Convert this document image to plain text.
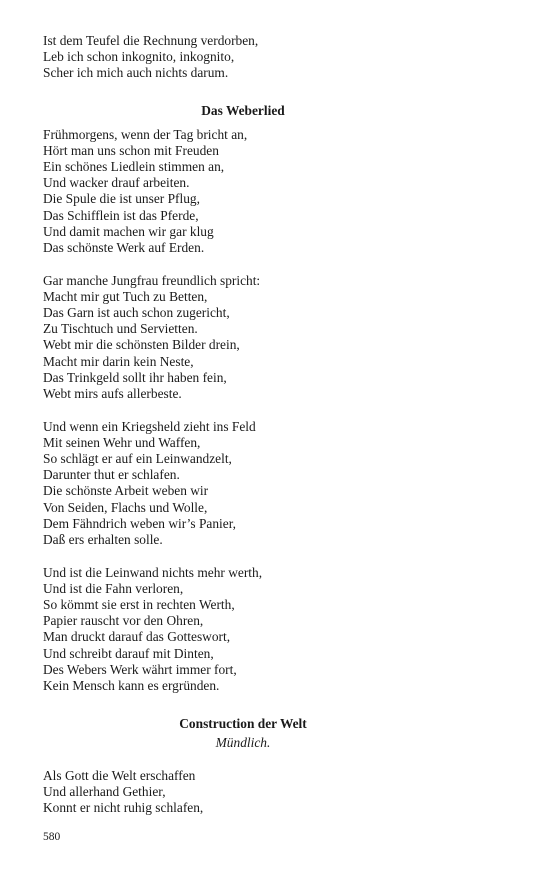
Ist dem Teufel die Rechnung verdorben,
Leb ich schon inkognito, inkognito,
Scher ich mich auch nichts darum.
Das Weberlied
Frühmorgens, wenn der Tag bricht an,
Hört man uns schon mit Freuden
Ein schönes Liedlein stimmen an,
Und wacker drauf arbeiten.
Die Spule die ist unser Pflug,
Das Schifflein ist das Pferde,
Und damit machen wir gar klug
Das schönste Werk auf Erden.
Gar manche Jungfrau freundlich spricht:
Macht mir gut Tuch zu Betten,
Das Garn ist auch schon zugericht,
Zu Tischtuch und Servietten.
Webt mir die schönsten Bilder drein,
Macht mir darin kein Neste,
Das Trinkgeld sollt ihr haben fein,
Webt mirs aufs allerbeste.
Und wenn ein Kriegsheld zieht ins Feld
Mit seinen Wehr und Waffen,
So schlägt er auf ein Leinwandzelt,
Darunter thut er schlafen.
Die schönste Arbeit weben wir
Von Seiden, Flachs und Wolle,
Dem Fähndrich weben wir’s Panier,
Daß ers erhalten solle.
Und ist die Leinwand nichts mehr werth,
Und ist die Fahn verloren,
So kömmt sie erst in rechten Werth,
Papier rauscht vor den Ohren,
Man druckt darauf das Gotteswort,
Und schreibt darauf mit Dinten,
Des Webers Werk währt immer fort,
Kein Mensch kann es ergründen.
Construction der Welt
Mündlich.
Als Gott die Welt erschaffen
Und allerhand Gethier,
Konnt er nicht ruhig schlafen,
580
